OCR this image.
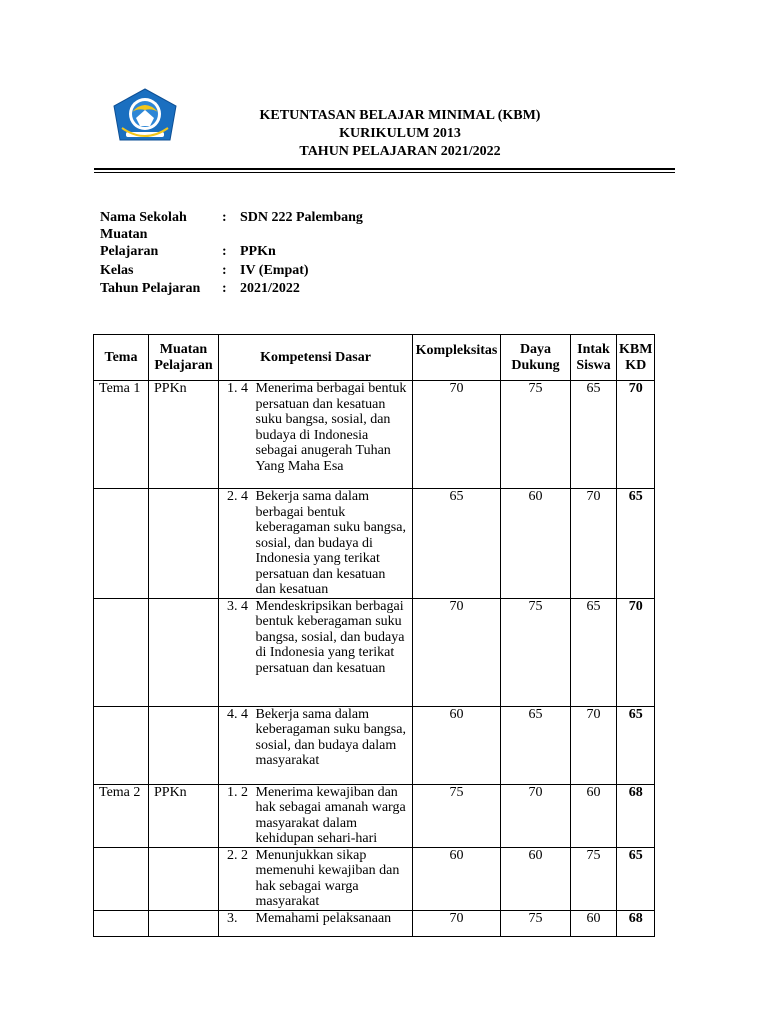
KETUNTASAN BELAJAR MINIMAL (KBM)
KURIKULUM 2013
TAHUN PELAJARAN 2021/2022
Nama Sekolah	: SDN 222 Palembang
Muatan
Pelajaran	: PPKn
Kelas	: IV (Empat)
Tahun Pelajaran : 2021/2022
Tema	Muatan Pelajaran	Kompetensi Dasar		Kompleksitas	Daya Dukung	Intak Siswa	KBM KD
Tema 1	PPKn	1. 4	Menerima berbagai bentuk persatuan dan kesatuan suku bangsa, sosial, dan budaya di Indonesia sebagai anugerah Tuhan Yang Maha Esa	70	75	65	70
		2. 4	Bekerja sama dalam berbagai bentuk keberagaman suku bangsa, sosial, dan budaya di Indonesia yang terikat persatuan dan kesatuan dan kesatuan	65	60	70	65
		3. 4	Mendeskripsikan berbagai bentuk keberagaman suku bangsa, sosial, dan budaya di Indonesia yang terikat persatuan dan kesatuan	70	75	65	70
		4. 4	Bekerja sama dalam keberagaman suku bangsa, sosial, dan budaya dalam masyarakat	60	65	70	65
Tema 2	PPKn	1. 2	Menerima kewajiban dan hak sebagai amanah warga masyarakat dalam kehidupan sehari-hari	75	70	60	68
		2. 2	Menunjukkan sikap memenuhi kewajiban dan hak sebagai warga masyarakat	60	60	75	65
		3.	Memahami pelaksanaan	70	75	60	68
